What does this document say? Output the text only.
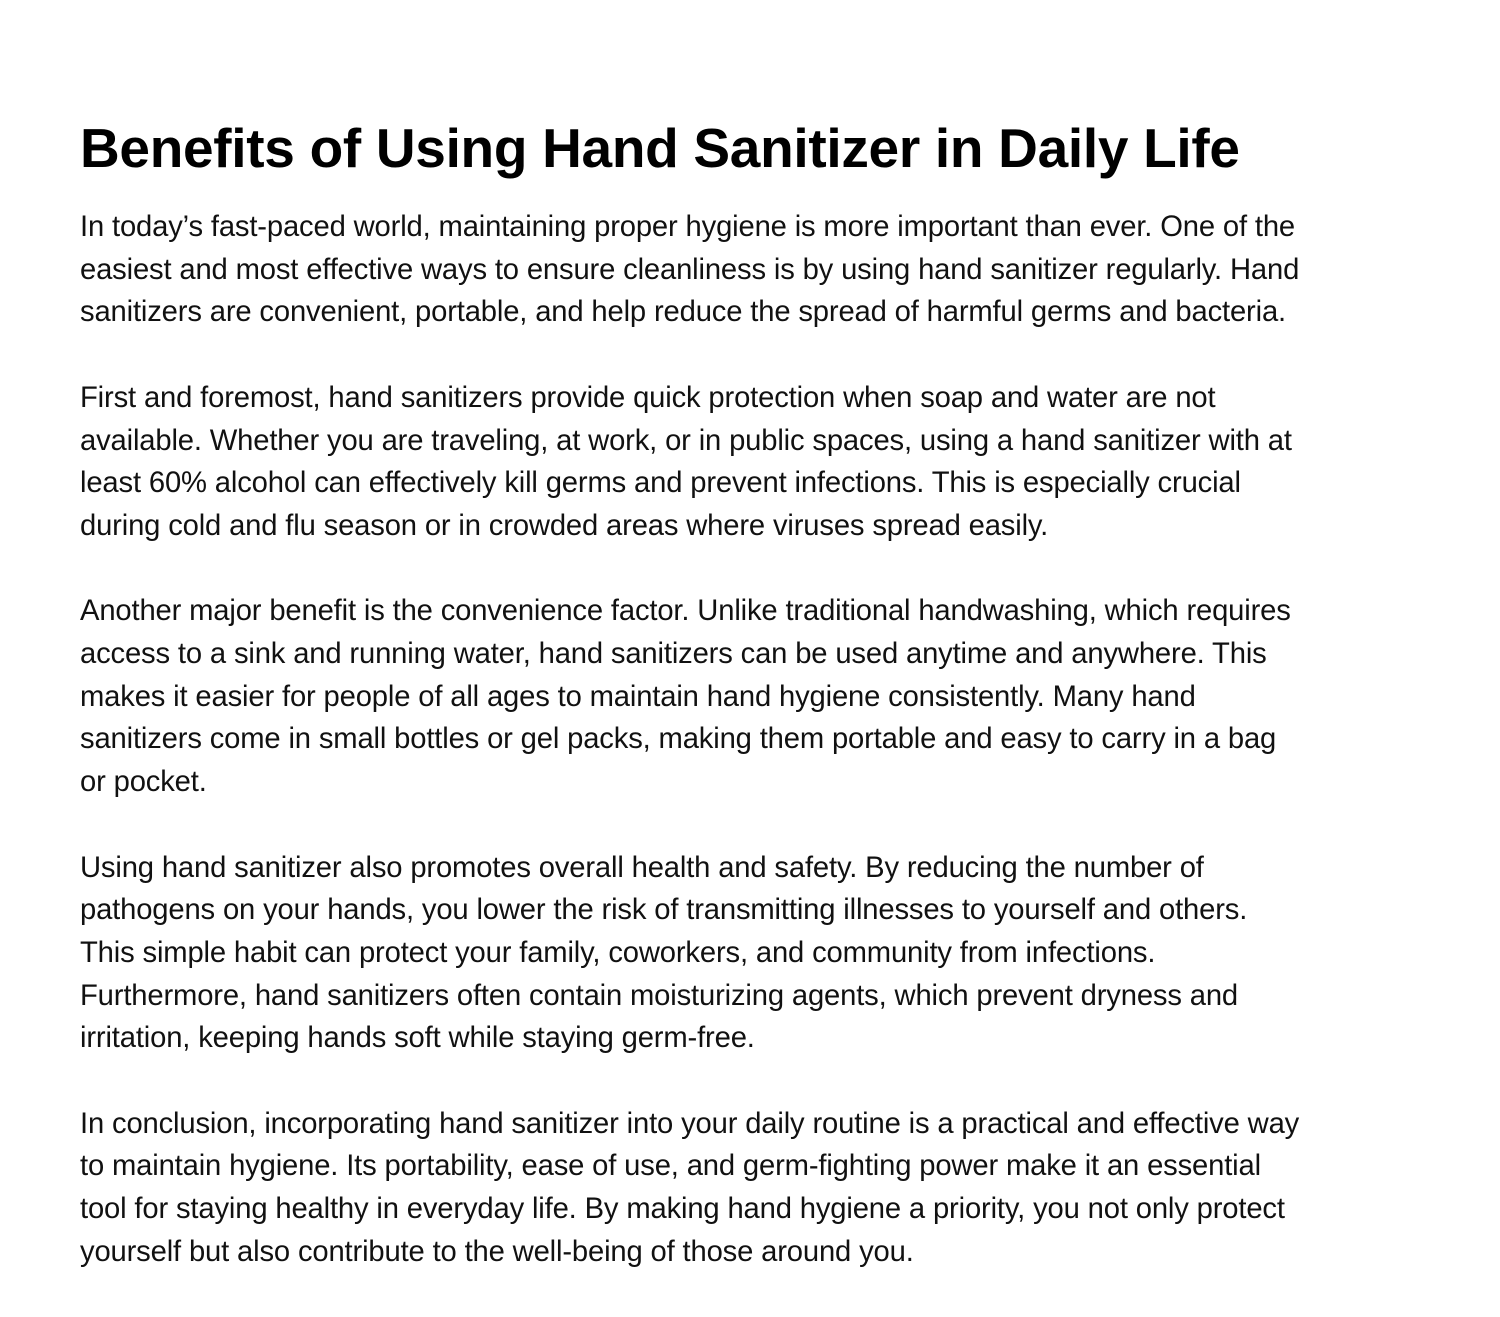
Benefits of Using Hand Sanitizer in Daily Life

In today’s fast-paced world, maintaining proper hygiene is more important than ever. One of the
easiest and most effective ways to ensure cleanliness is by using hand sanitizer regularly. Hand
sanitizers are convenient, portable, and help reduce the spread of harmful germs and bacteria.

First and foremost, hand sanitizers provide quick protection when soap and water are not
available. Whether you are traveling, at work, or in public spaces, using a hand sanitizer with at
least 60% alcohol can effectively kill germs and prevent infections. This is especially crucial
during cold and flu season or in crowded areas where viruses spread easily.

Another major benefit is the convenience factor. Unlike traditional handwashing, which requires
access to a sink and running water, hand sanitizers can be used anytime and anywhere. This
makes it easier for people of all ages to maintain hand hygiene consistently. Many hand
sanitizers come in small bottles or gel packs, making them portable and easy to carry in a bag
or pocket.

Using hand sanitizer also promotes overall health and safety. By reducing the number of
pathogens on your hands, you lower the risk of transmitting illnesses to yourself and others.
This simple habit can protect your family, coworkers, and community from infections.
Furthermore, hand sanitizers often contain moisturizing agents, which prevent dryness and
irritation, keeping hands soft while staying germ-free.

In conclusion, incorporating hand sanitizer into your daily routine is a practical and effective way
to maintain hygiene. Its portability, ease of use, and germ-fighting power make it an essential
tool for staying healthy in everyday life. By making hand hygiene a priority, you not only protect
yourself but also contribute to the well-being of those around you.
